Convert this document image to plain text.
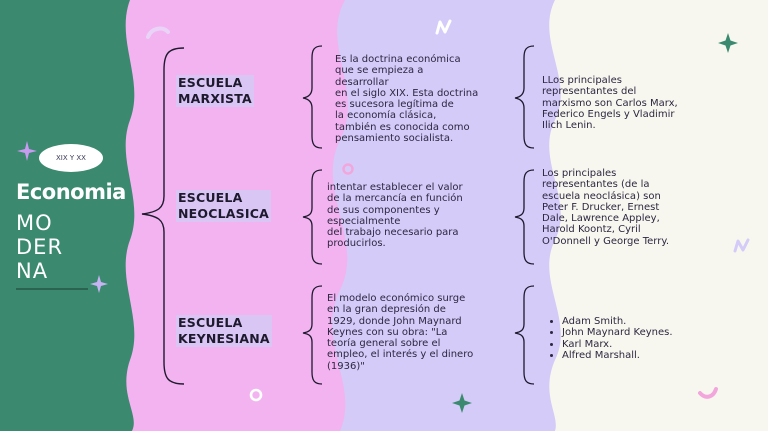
XIX Y XX
Economia
MO
DER
NA
ESCUELA
MARXISTA
ESCUELA
NEOCLASICA
ESCUELA
KEYNESIANA
Es la doctrina económica
que se empieza a
desarrollar
en el siglo XIX. Esta doctrina
es sucesora legítima de
la economía clásica,
también es conocida como
pensamiento socialista.
intentar establecer el valor
de la mercancía en función
de sus componentes y
especialmente
del trabajo necesario para
producirlos.
El modelo económico surge
en la gran depresión de
1929, donde John Maynard
Keynes con su obra: "La
teoría general sobre el
empleo, el interés y el dinero
(1936)"
LLos principales
representantes del
marxismo son Carlos Marx,
Federico Engels y Vladimir
Ilich Lenin.
Los principales
representantes (de la
escuela neoclásica) son
Peter F. Drucker, Ernest
Dale, Lawrence Appley,
Harold Koontz, Cyril
O'Donnell y George Terry.
• Adam Smith.
• John Maynard Keynes.
• Karl Marx.
• Alfred Marshall.
